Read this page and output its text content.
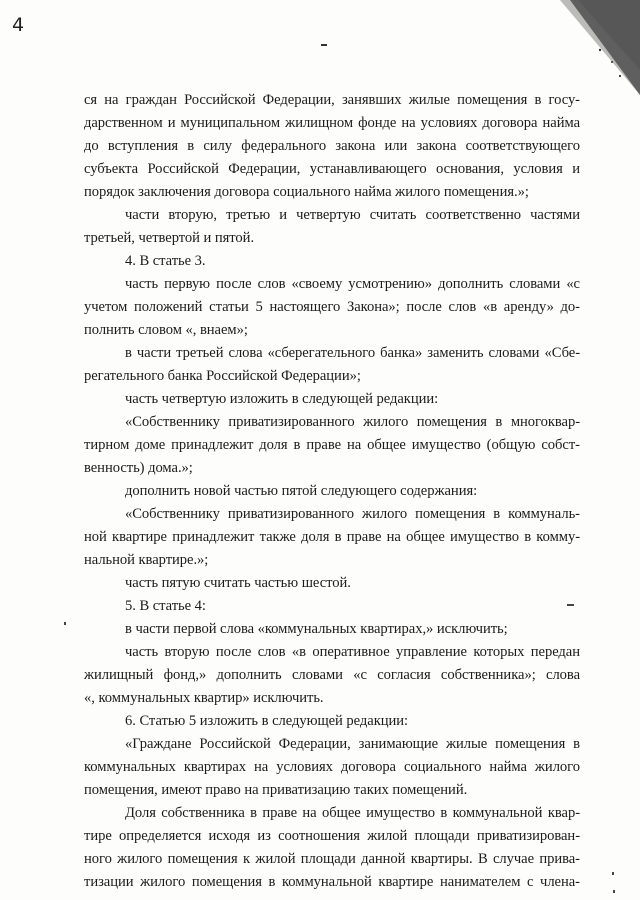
4
ся на граждан Российской Федерации, занявших жилые помещения в госу-
дарственном и муниципальном жилищном фонде на условиях договора найма
до вступления в силу федерального закона или закона соответствующего
субъекта Российской Федерации, устанавливающего основания, условия и
порядок заключения договора социального найма жилого помещения.»;
части вторую, третью и четвертую считать соответственно частями
третьей, четвертой и пятой.
4. В статье 3.
часть первую после слов «своему усмотрению» дополнить словами «с
учетом положений статьи 5 настоящего Закона»; после слов «в аренду» до-
полнить словом «, внаем»;
в части третьей слова «сберегательного банка» заменить словами «Сбе-
регательного банка Российской Федерации»;
часть четвертую изложить в следующей редакции:
«Собственнику приватизированного жилого помещения в многоквар-
тирном доме принадлежит доля в праве на общее имущество (общую собст-
венность) дома.»;
дополнить новой частью пятой следующего содержания:
«Собственнику приватизированного жилого помещения в коммуналь-
ной квартире принадлежит также доля в праве на общее имущество в комму-
нальной квартире.»;
часть пятую считать частью шестой.
5. В статье 4:
в части первой слова «коммунальных квартирах,» исключить;
часть вторую после слов «в оперативное управление которых передан
жилищный фонд,» дополнить словами «с согласия собственника»; слова
«, коммунальных квартир» исключить.
6. Статью 5 изложить в следующей редакции:
«Граждане Российской Федерации, занимающие жилые помещения в
коммунальных квартирах на условиях договора социального найма жилого
помещения, имеют право на приватизацию таких помещений.
Доля собственника в праве на общее имущество в коммунальной квар-
тире определяется исходя из соотношения жилой площади приватизирован-
ного жилого помещения к жилой площади данной квартиры. В случае прива-
тизации жилого помещения в коммунальной квартире нанимателем с члена-
